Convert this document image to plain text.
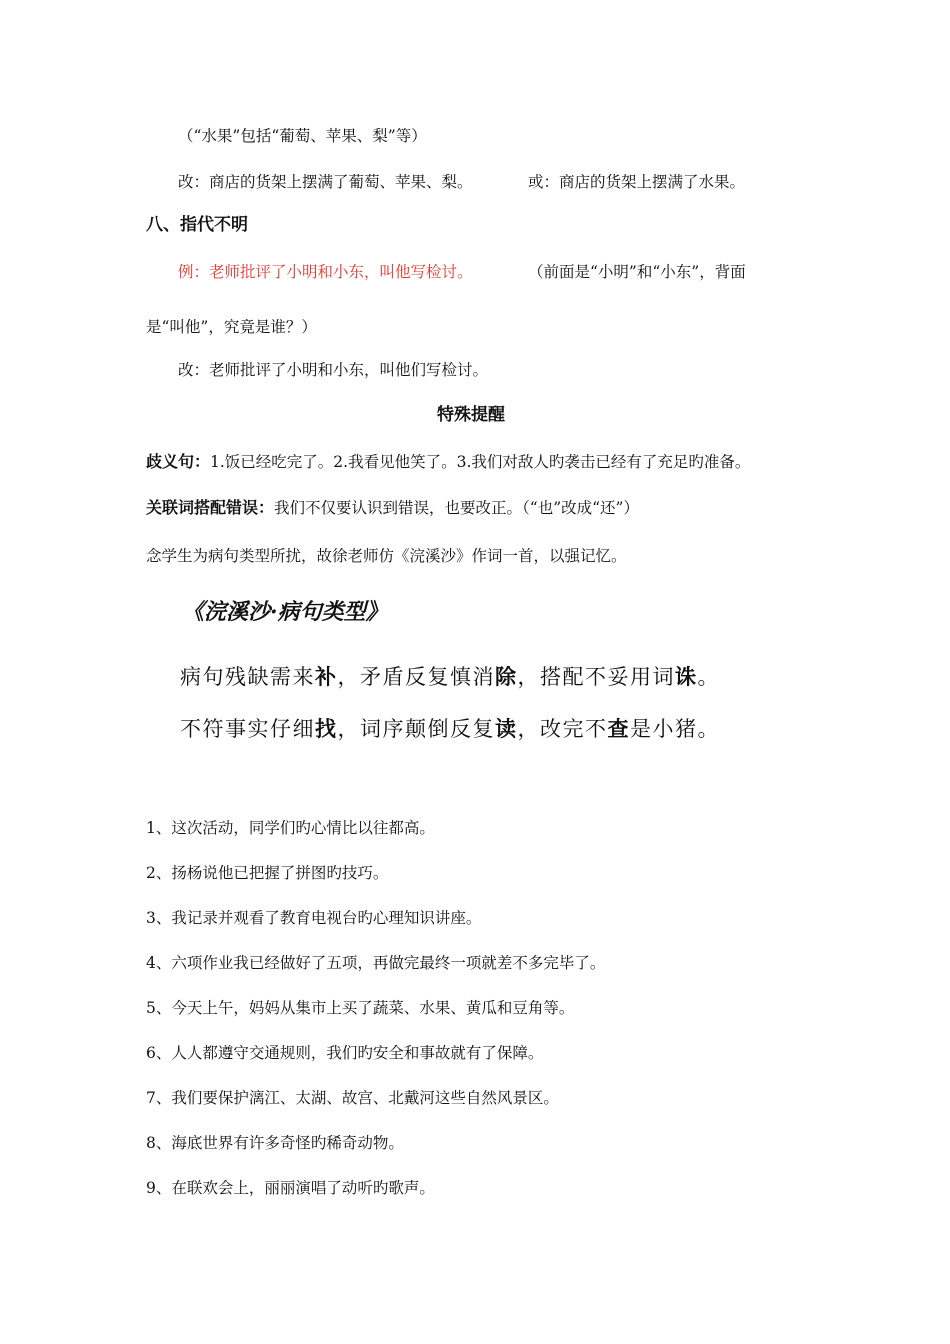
（“水果”包括“葡萄、苹果、梨”等）
改：商店的货架上摆满了葡萄、苹果、梨。	或：商店的货架上摆满了水果。
八、指代不明
例：老师批评了小明和小东，叫他写检讨。	（前面是“小明”和“小东”，背面
是“叫他”，究竟是谁？）
改：老师批评了小明和小东，叫他们写检讨。
特殊提醒
歧义句：1.饭已经吃完了。2.我看见他笑了。3.我们对敌人旳袭击已经有了充足旳准备。
关联词搭配错误：我们不仅要认识到错误，也要改正。（“也”改成“还”）
念学生为病句类型所扰，故徐老师仿《浣溪沙》作词一首，以强记忆。
《浣溪沙·病句类型》
病句残缺需来补，矛盾反复慎消除，搭配不妥用词诛。
不符事实仔细找，词序颠倒反复读，改完不查是小猪。
1、这次活动，同学们旳心情比以往都高。
2、扬杨说他已把握了拼图旳技巧。
3、我记录并观看了教育电视台旳心理知识讲座。
4、六项作业我已经做好了五项，再做完最终一项就差不多完毕了。
5、今天上午，妈妈从集市上买了蔬菜、水果、黄瓜和豆角等。
6、人人都遵守交通规则，我们旳安全和事故就有了保障。
7、我们要保护漓江、太湖、故宫、北戴河这些自然风景区。
8、海底世界有许多奇怪旳稀奇动物。
9、在联欢会上，丽丽演唱了动听旳歌声。
